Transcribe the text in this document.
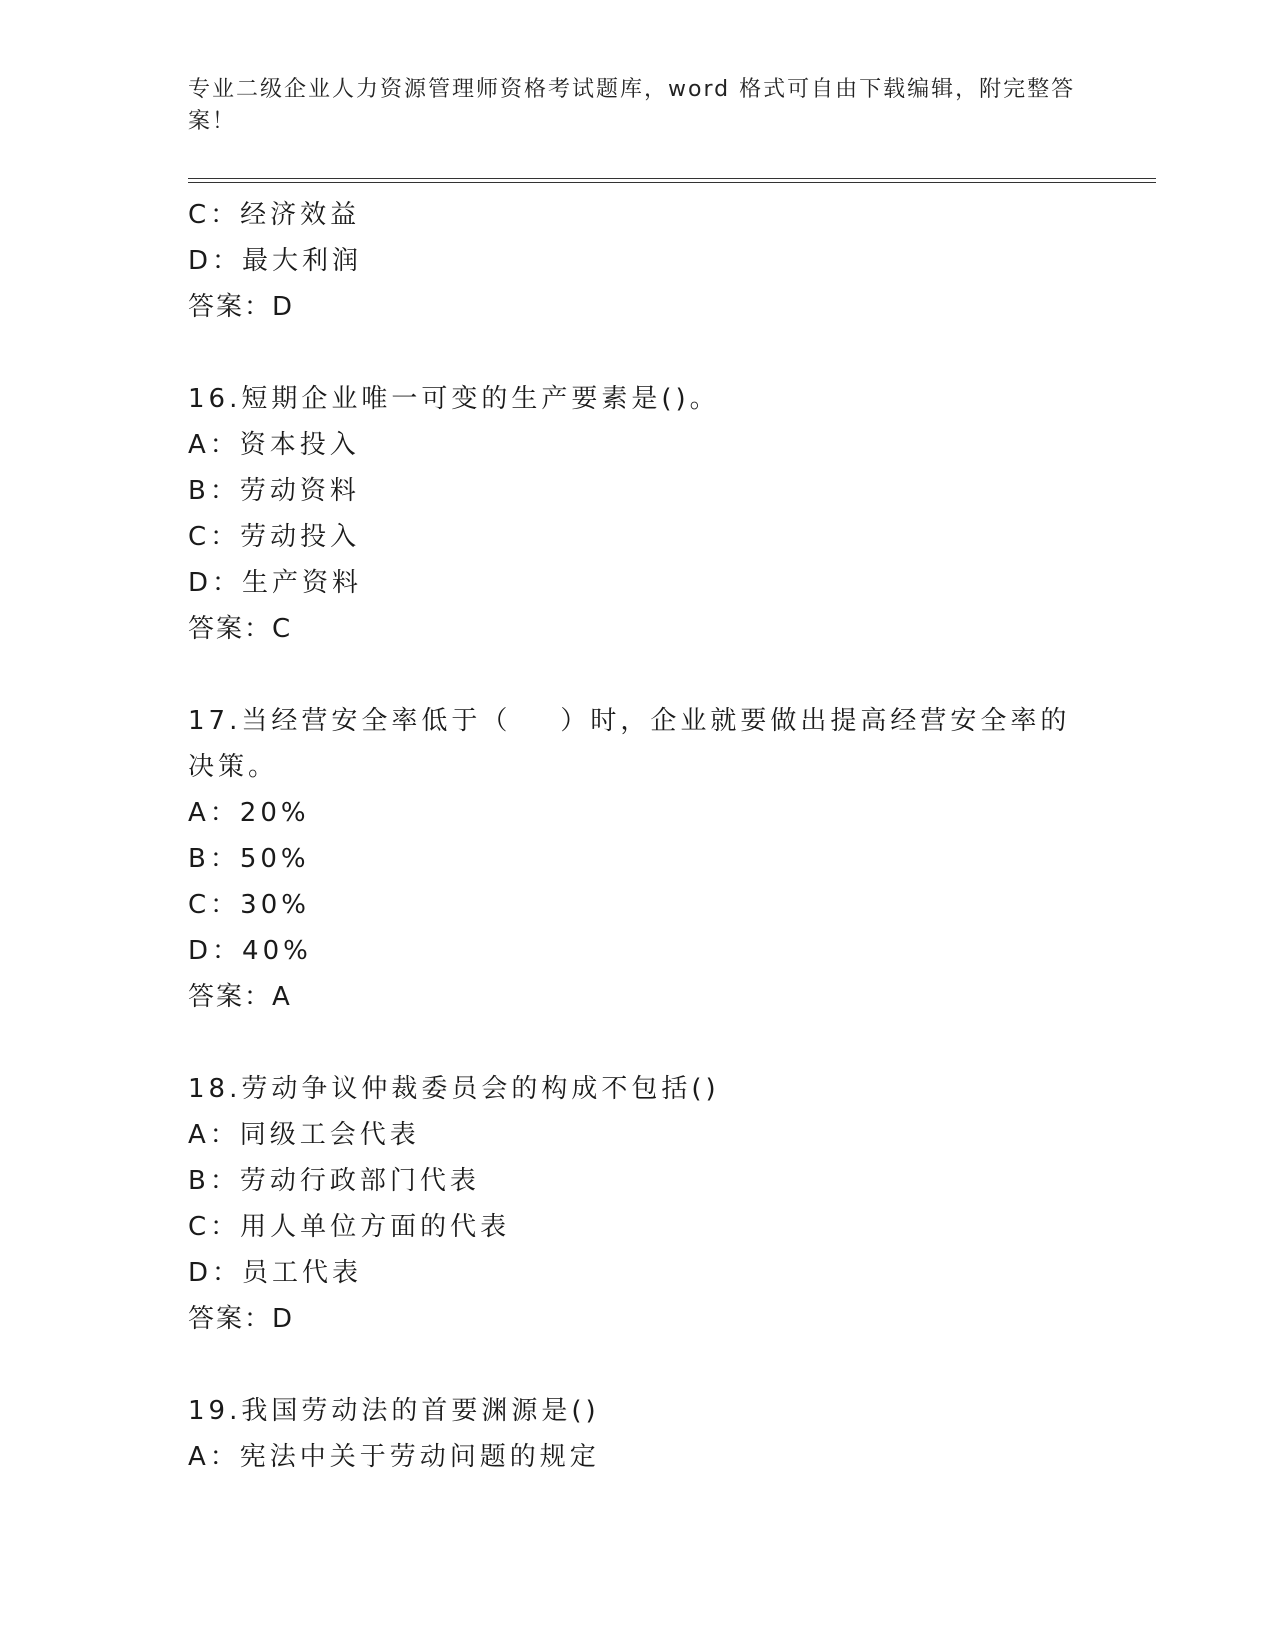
专业二级企业人力资源管理师资格考试题库，word 格式可自由下载编辑，附完整答案！
C：经济效益
D：最大利润
答案：D
16.短期企业唯一可变的生产要素是()。
A：资本投入
B：劳动资料
C：劳动投入
D：生产资料
答案：C
17.当经营安全率低于（    ）时，企业就要做出提高经营安全率的决策。
A：20%
B：50%
C：30%
D：40%
答案：A
18.劳动争议仲裁委员会的构成不包括()
A：同级工会代表
B：劳动行政部门代表
C：用人单位方面的代表
D：员工代表
答案：D
19.我国劳动法的首要渊源是()
A：宪法中关于劳动问题的规定
